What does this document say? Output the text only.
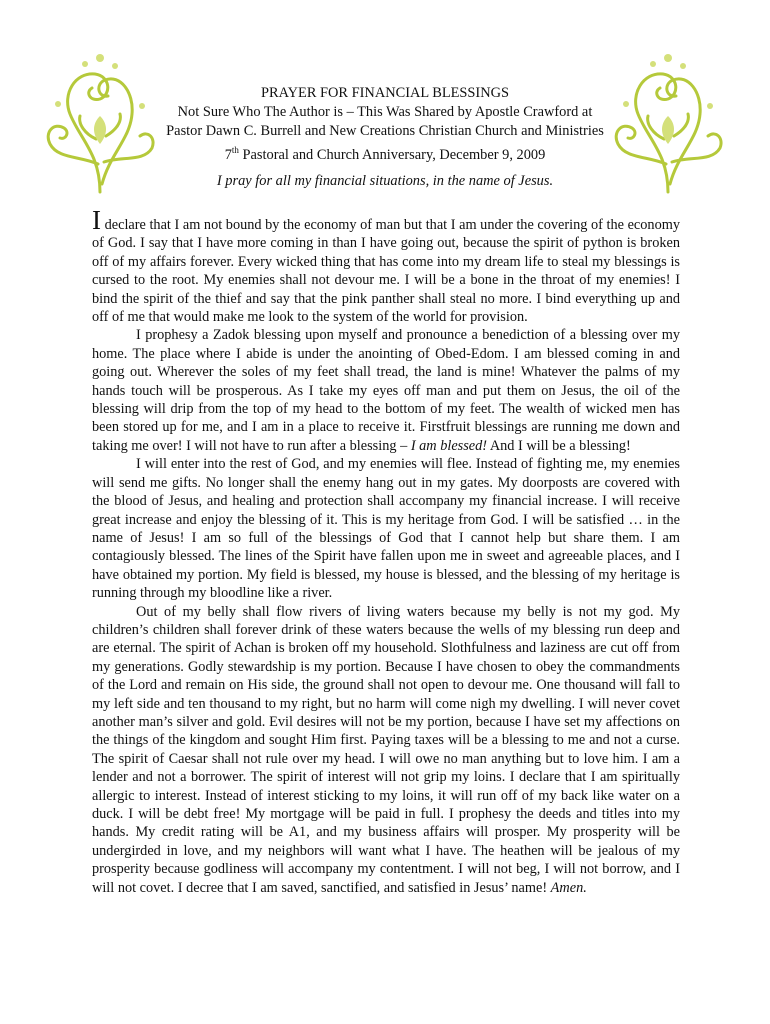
PRAYER FOR FINANCIAL BLESSINGS
Not Sure Who The Author is – This Was Shared by Apostle Crawford at
Pastor Dawn C. Burrell and New Creations Christian Church and Ministries
7th Pastoral and Church Anniversary, December 9, 2009
I pray for all my financial situations, in the name of Jesus.

I declare that I am not bound by the economy of man but that I am under the covering of the economy of God. I say that I have more coming in than I have going out, because the spirit of python is broken off of my affairs forever. Every wicked thing that has come into my dream life to steal my blessings is cursed to the root. My enemies shall not devour me. I will be a bone in the throat of my enemies! I bind the spirit of the thief and say that the pink panther shall steal no more. I bind everything up and off of me that would make me look to the system of the world for provision.

I prophesy a Zadok blessing upon myself and pronounce a benediction of a blessing over my home. The place where I abide is under the anointing of Obed-Edom. I am blessed coming in and going out. Wherever the soles of my feet shall tread, the land is mine! Whatever the palms of my hands touch will be prosperous. As I take my eyes off man and put them on Jesus, the oil of the blessing will drip from the top of my head to the bottom of my feet. The wealth of wicked men has been stored up for me, and I am in a place to receive it. Firstfruit blessings are running me down and taking me over! I will not have to run after a blessing – I am blessed! And I will be a blessing!

I will enter into the rest of God, and my enemies will flee. Instead of fighting me, my enemies will send me gifts. No longer shall the enemy hang out in my gates. My doorposts are covered with the blood of Jesus, and healing and protection shall accompany my financial increase. I will receive great increase and enjoy the blessing of it. This is my heritage from God. I will be satisfied … in the name of Jesus! I am so full of the blessings of God that I cannot help but share them. I am contagiously blessed. The lines of the Spirit have fallen upon me in sweet and agreeable places, and I have obtained my portion. My field is blessed, my house is blessed, and the blessing of my heritage is running through my bloodline like a river.

Out of my belly shall flow rivers of living waters because my belly is not my god. My children’s children shall forever drink of these waters because the wells of my blessing run deep and are eternal. The spirit of Achan is broken off my household. Slothfulness and laziness are cut off from my generations. Godly stewardship is my portion. Because I have chosen to obey the commandments of the Lord and remain on His side, the ground shall not open to devour me. One thousand will fall to my left side and ten thousand to my right, but no harm will come nigh my dwelling. I will never covet another man’s silver and gold. Evil desires will not be my portion, because I have set my affections on the things of the kingdom and sought Him first. Paying taxes will be a blessing to me and not a curse. The spirit of Caesar shall not rule over my head. I will owe no man anything but to love him. I am a lender and not a borrower. The spirit of interest will not grip my loins. I declare that I am spiritually allergic to interest. Instead of interest sticking to my loins, it will run off of my back like water on a duck. I will be debt free! My mortgage will be paid in full. I prophesy the deeds and titles into my hands. My credit rating will be A1, and my business affairs will prosper. My prosperity will be undergirded in love, and my neighbors will want what I have. The heathen will be jealous of my prosperity because godliness will accompany my contentment. I will not beg, I will not borrow, and I will not covet. I decree that I am saved, sanctified, and satisfied in Jesus’ name! Amen.
